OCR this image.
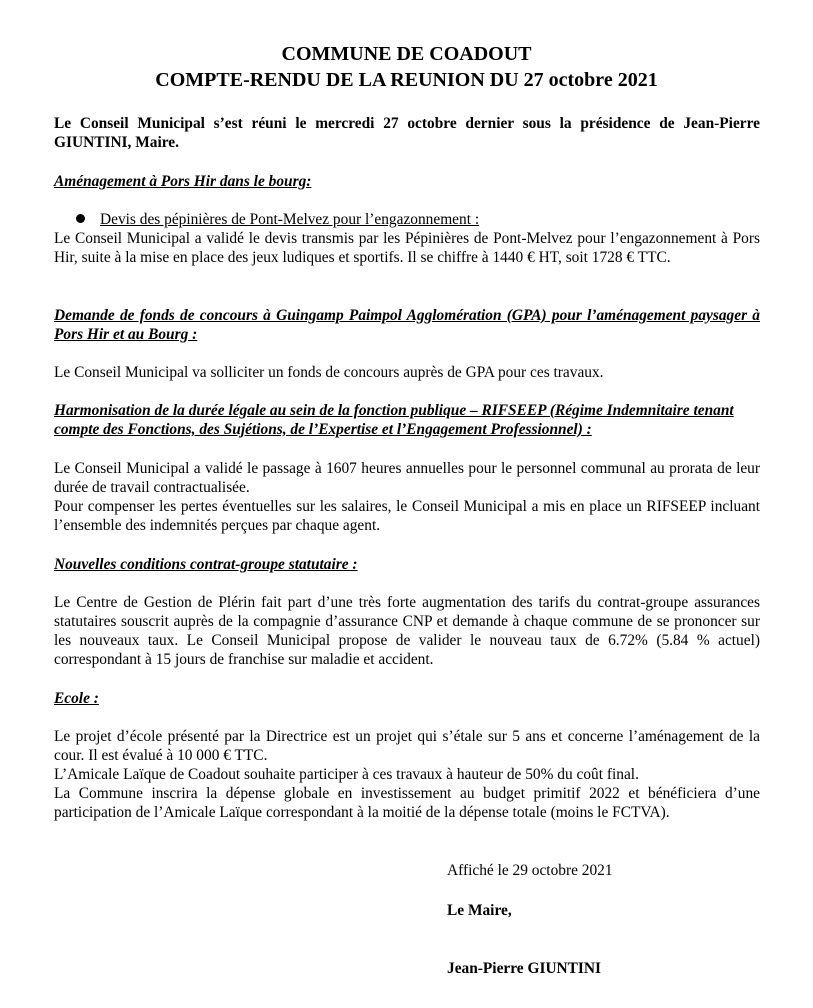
COMMUNE DE COADOUT

COMPTE-RENDU DE LA REUNION DU 27 octobre 2021

Le Conseil Municipal s’est réuni le mercredi 27 octobre dernier sous la présidence de Jean-Pierre GIUNTINI, Maire.

Aménagement à Pors Hir dans le bourg:

Devis des pépinières de Pont-Melvez pour l’engazonnement :

Le Conseil Municipal a validé le devis transmis par les Pépinières de Pont-Melvez pour l’engazonnement à Pors Hir, suite à la mise en place des jeux ludiques et sportifs. Il se chiffre à 1440 € HT, soit 1728 € TTC.

Demande de fonds de concours à Guingamp Paimpol Agglomération (GPA) pour l’aménagement paysager à Pors Hir et au Bourg :

Le Conseil Municipal va solliciter un fonds de concours auprès de GPA pour ces travaux.

Harmonisation de la durée légale au sein de la fonction publique – RIFSEEP (Régime Indemnitaire tenant compte des Fonctions, des Sujétions, de l’Expertise et l’Engagement Professionnel) :

Le Conseil Municipal a validé le passage à 1607 heures annuelles pour le personnel communal au prorata de leur durée de travail contractualisée.

Pour compenser les pertes éventuelles sur les salaires, le Conseil Municipal a mis en place un RIFSEEP incluant l’ensemble des indemnités perçues par chaque agent.

Nouvelles conditions contrat-groupe statutaire :

Le Centre de Gestion de Plérin fait part d’une très forte augmentation des tarifs du contrat-groupe assurances statutaires souscrit auprès de la compagnie d’assurance CNP et demande à chaque commune de se prononcer sur les nouveaux taux. Le Conseil Municipal propose de valider le nouveau taux de 6.72% (5.84 % actuel) correspondant à 15 jours de franchise sur maladie et accident.

Ecole :

Le projet d’école présenté par la Directrice est un projet qui s’étale sur 5 ans et concerne l’aménagement de la cour. Il est évalué à 10 000 € TTC.

L’Amicale Laïque de Coadout souhaite participer à ces travaux à hauteur de 50% du coût final.

La Commune inscrira la dépense globale en investissement au budget primitif 2022 et bénéficiera d’une participation de l’Amicale Laïque correspondant à la moitié de la dépense totale (moins le FCTVA).

Affiché le 29 octobre 2021

Le Maire,

Jean-Pierre GIUNTINI
